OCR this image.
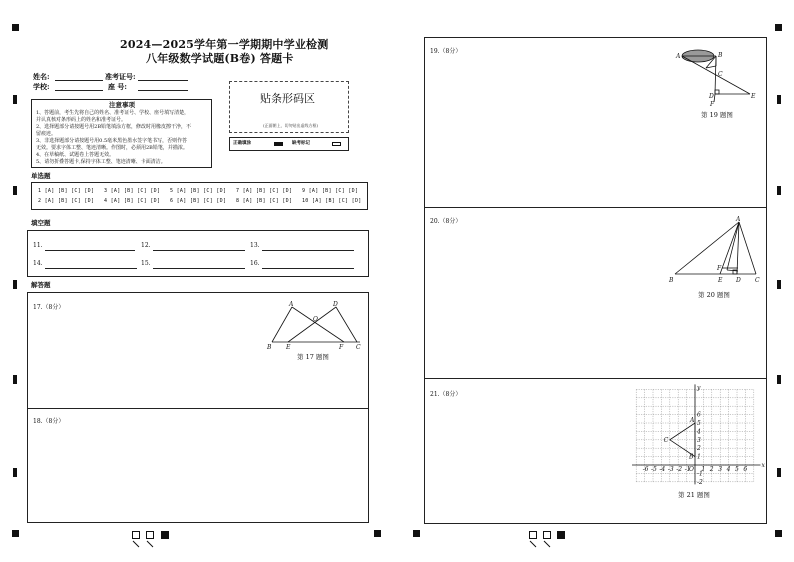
2024—2025学年第一学期期中学业检测
八年级数学试题(B卷) 答题卡
姓名:	准考证号:
学校:	座 号:
注意事项
1、答题前，考生先将自己的姓名、准考证号、学校、座号填写清楚，
并认真核对条形码上的姓名和准考证号。
2、选择题部分请按题号用2B铅笔填涂方框，修改时用橡皮擦干净，不
留痕迹。
3、非选择题部分请按题号用0.5毫米黑色墨水签字笔书写，否则作答
无效。要求字体工整、笔迹清晰。作图时，必须用2B铅笔，并描浓。
4、在草稿纸、试题卷上答题无效。
5、请勿折叠答题卡,保持字体工整、笔迹清晰、卡面清洁。
贴条形码区
(正面朝上，切勿贴出虚线方框)
正确填涂	缺考标记
单选题
1 [A] [B] [C] [D] 3 [A] [B] [C] [D] 5 [A] [B] [C] [D] 7 [A] [B] [C] [D] 9 [A] [B] [C] [D]
2 [A] [B] [C] [D] 4 [A] [B] [C] [D] 6 [A] [B] [C] [D] 8 [A] [B] [C] [D] 10 [A] [B] [C] [D]
填空题
11.	12.	13.
14.	15.	16.
解答题
17.（8分）	A	D
O
B E	F C
第 17 题图
18.（8分）
19.（8分）
A	B
C
D
F
E
第 19 题图
20.（8分）	A
F
B	E D C
第 20 题图
21.（8分）
A
B
C
O
x
y
-6 -5 -4 -3 -2 -1 1 2 3 4 5 6
6
5
4
3
2
1
-1
-2
第 21 题图
